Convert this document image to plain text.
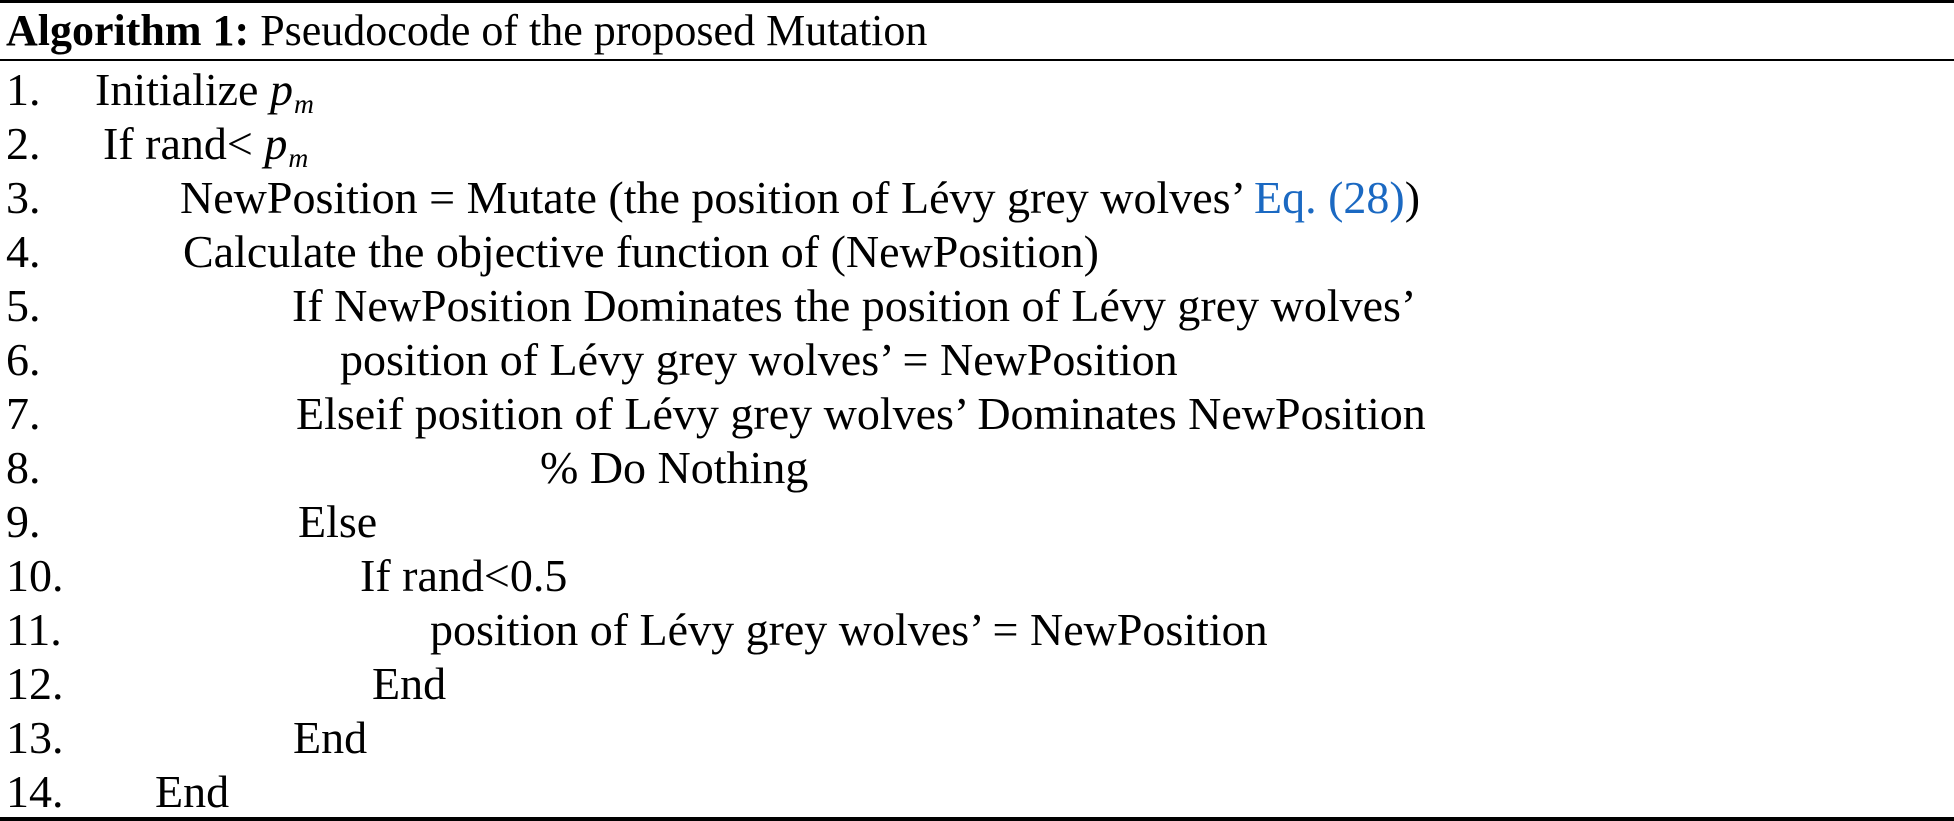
Algorithm 1: Pseudocode of the proposed Mutation
1.	Initialize $p_m$
2.	If rand< $p_m$
3.	NewPosition = Mutate (the position of Lévy grey wolves’ Eq. (28))
4.	Calculate the objective function of (NewPosition)
5.	If NewPosition Dominates the position of Lévy grey wolves’
6.	position of Lévy grey wolves’ = NewPosition
7.	Elseif position of Lévy grey wolves’ Dominates NewPosition
8.	% Do Nothing
9.	Else
10.	If rand<0.5
11.	position of Lévy grey wolves’ = NewPosition
12.	End
13.	End
14.	End
